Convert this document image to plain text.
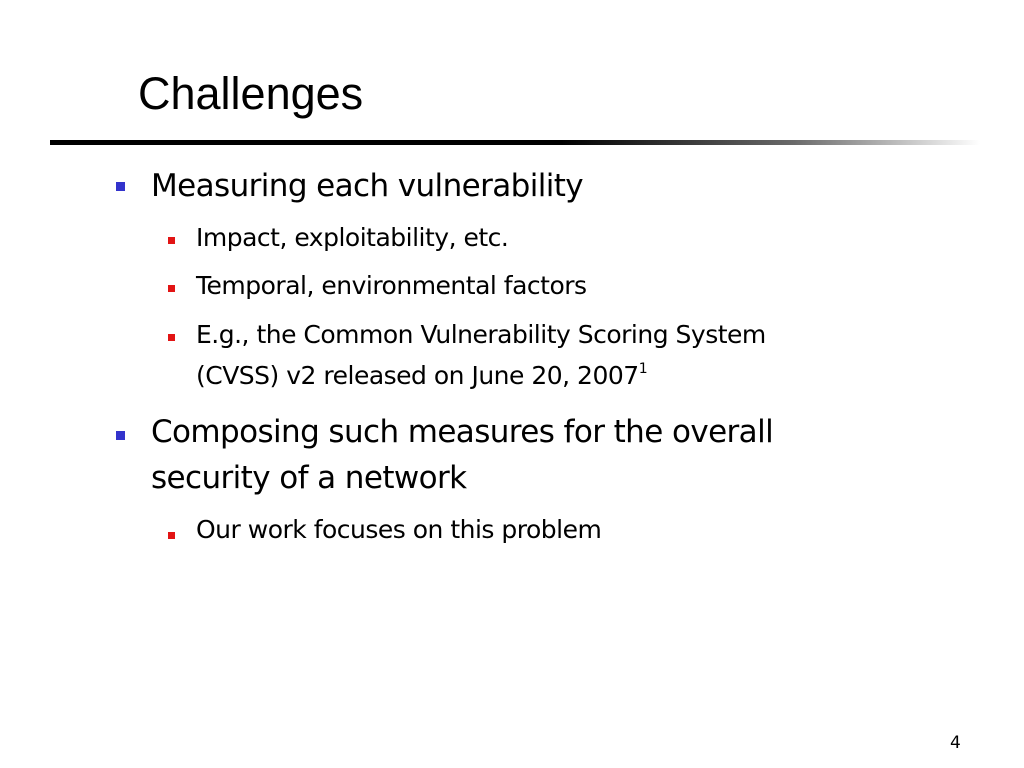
Challenges
Measuring each vulnerability
Impact, exploitability, etc.
Temporal, environmental factors
E.g., the Common Vulnerability Scoring System
(CVSS) v2 released on June 20, 2007$^1$
Composing such measures for the overall
security of a network
Our work focuses on this problem
4
